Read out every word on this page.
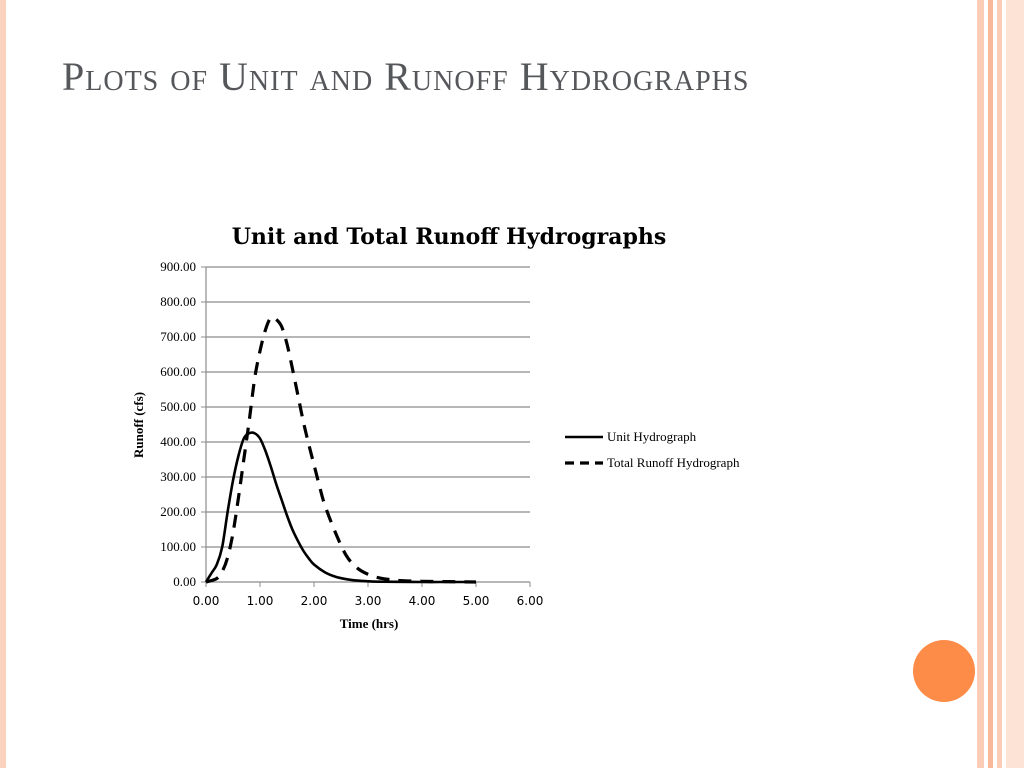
Plots of Unit and Runoff Hydrographs
Unit and Total Runoff Hydrographs
0.00
100.00
200.00
300.00
400.00
500.00
600.00
700.00
800.00
900.00
0.00 1.00 2.00 3.00 4.00 5.00 6.00
Time (hrs)
Runoff (cfs)	Unit Hydrograph
Total Runoff Hydrograph
